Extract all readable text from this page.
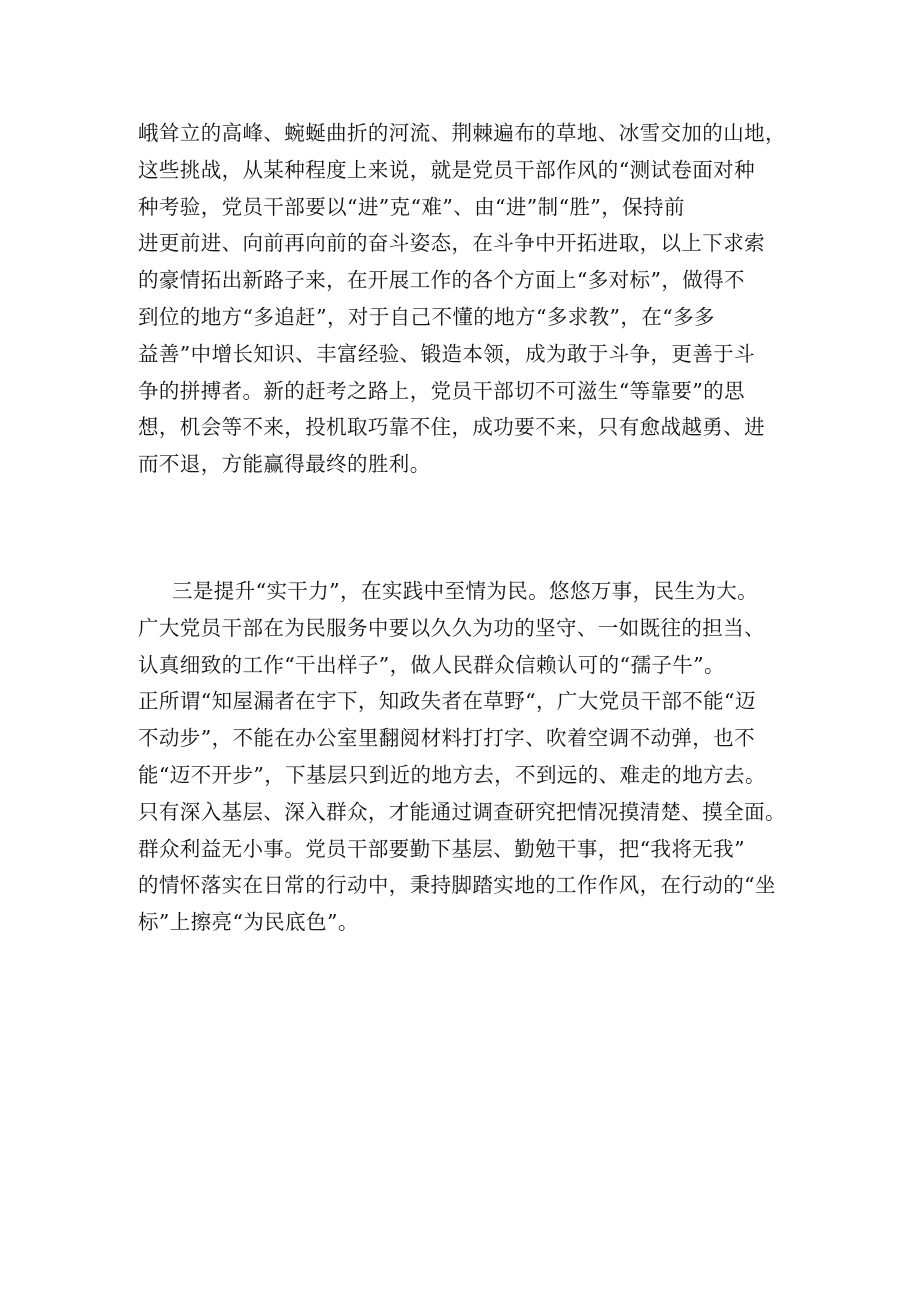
峨耸立的高峰、蜿蜒曲折的河流、荆棘遍布的草地、冰雪交加的山地，
这些挑战，从某种程度上来说，就是党员干部作风的“测试卷面对种
种考验，党员干部要以“进”克“难”、由“进”制“胜”，保持前
进更前进、向前再向前的奋斗姿态，在斗争中开拓进取，以上下求索
的豪情拓出新路子来，在开展工作的各个方面上“多对标”，做得不
到位的地方“多追赶”，对于自己不懂的地方“多求教”，在“多多
益善”中增长知识、丰富经验、锻造本领，成为敢于斗争，更善于斗
争的拼搏者。新的赶考之路上，党员干部切不可滋生“等靠要”的思
想，机会等不来，投机取巧靠不住，成功要不来，只有愈战越勇、进
而不退，方能赢得最终的胜利。
三是提升“实干力”，在实践中至情为民。悠悠万事，民生为大。
广大党员干部在为民服务中要以久久为功的坚守、一如既往的担当、
认真细致的工作“干出样子”，做人民群众信赖认可的“孺子牛”。
正所谓“知屋漏者在宇下，知政失者在草野“，广大党员干部不能“迈
不动步”，不能在办公室里翻阅材料打打字、吹着空调不动弹，也不
能“迈不开步”，下基层只到近的地方去，不到远的、难走的地方去。
只有深入基层、深入群众，才能通过调查研究把情况摸清楚、摸全面。
群众利益无小事。党员干部要勤下基层、勤勉干事，把“我将无我”
的情怀落实在日常的行动中，秉持脚踏实地的工作作风，在行动的“坐
标”上擦亮“为民底色”。
